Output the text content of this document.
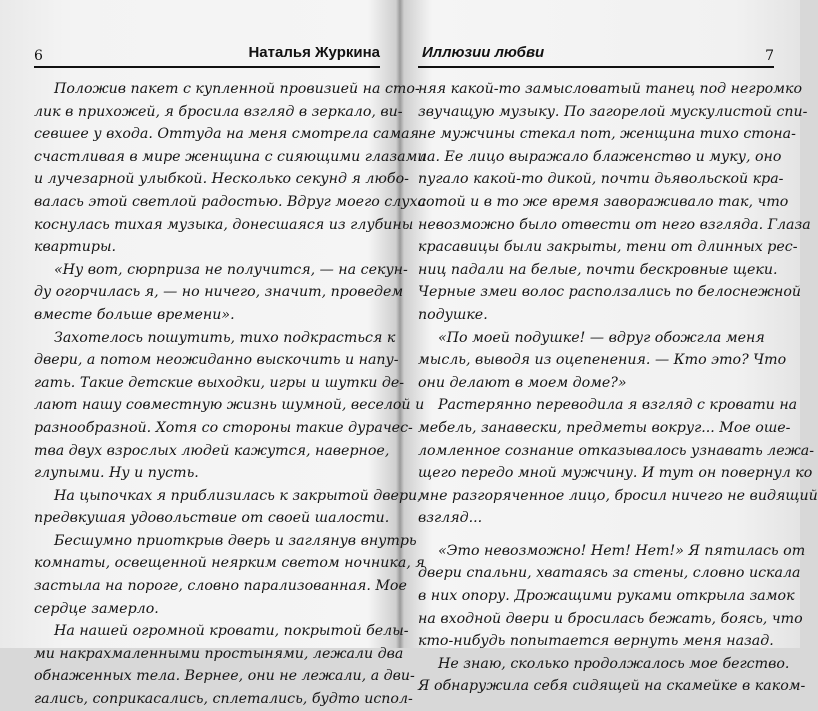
6	Наталья Журкина
Положив пакет с купленной провизией на сто-
лик в прихожей, я бросила взгляд в зеркало, ви-
севшее у входа. Оттуда на меня смотрела самая
счастливая в мире женщина с сияющими глазами
и лучезарной улыбкой. Несколько секунд я любо-
валась этой светлой радостью. Вдруг моего слуха
коснулась тихая музыка, донесшаяся из глубины
квартиры.
«Ну вот, сюрприза не получится, — на секун-
ду огорчилась я, — но ничего, значит, проведем
вместе больше времени».
Захотелось пошутить, тихо подкрасться к
двери, а потом неожиданно выскочить и напу-
гать. Такие детские выходки, игры и шутки де-
лают нашу совместную жизнь шумной, веселой и
разнообразной. Хотя со стороны такие дурачес-
тва двух взрослых людей кажутся, наверное,
глупыми. Ну и пусть.
На цыпочках я приблизилась к закрытой двери,
предвкушая удовольствие от своей шалости.
Бесшумно приоткрыв дверь и заглянув внутрь
комнаты, освещенной неярким светом ночника, я
застыла на пороге, словно парализованная. Мое
сердце замерло.
На нашей огромной кровати, покрытой белы-
ми накрахмаленными простынями, лежали два
обнаженных тела. Вернее, они не лежали, а дви-
гались, соприкасались, сплетались, будто испол-
Иллюзии любви	7
няя какой-то замысловатый танец под негромко
звучащую музыку. По загорелой мускулистой спи-
не мужчины стекал пот, женщина тихо стона-
ла. Ее лицо выражало блаженство и муку, оно
пугало какой-то дикой, почти дьявольской кра-
сотой и в то же время завораживало так, что
невозможно было отвести от него взгляда. Глаза
красавицы были закрыты, тени от длинных рес-
ниц падали на белые, почти бескровные щеки.
Черные змеи волос расползались по белоснежной
подушке.
«По моей подушке! — вдруг обожгла меня
мысль, выводя из оцепенения. — Кто это? Что
они делают в моем доме?»
Растерянно переводила я взгляд с кровати на
мебель, занавески, предметы вокруг... Мое оше-
ломленное сознание отказывалось узнавать лежа-
щего передо мной мужчину. И тут он повернул ко
мне разгоряченное лицо, бросил ничего не видящий
взгляд...
«Это невозможно! Нет! Нет!» Я пятилась от
двери спальни, хватаясь за стены, словно искала
в них опору. Дрожащими руками открыла замок
на входной двери и бросилась бежать, боясь, что
кто-нибудь попытается вернуть меня назад.
Не знаю, сколько продолжалось мое бегство.
Я обнаружила себя сидящей на скамейке в каком-
